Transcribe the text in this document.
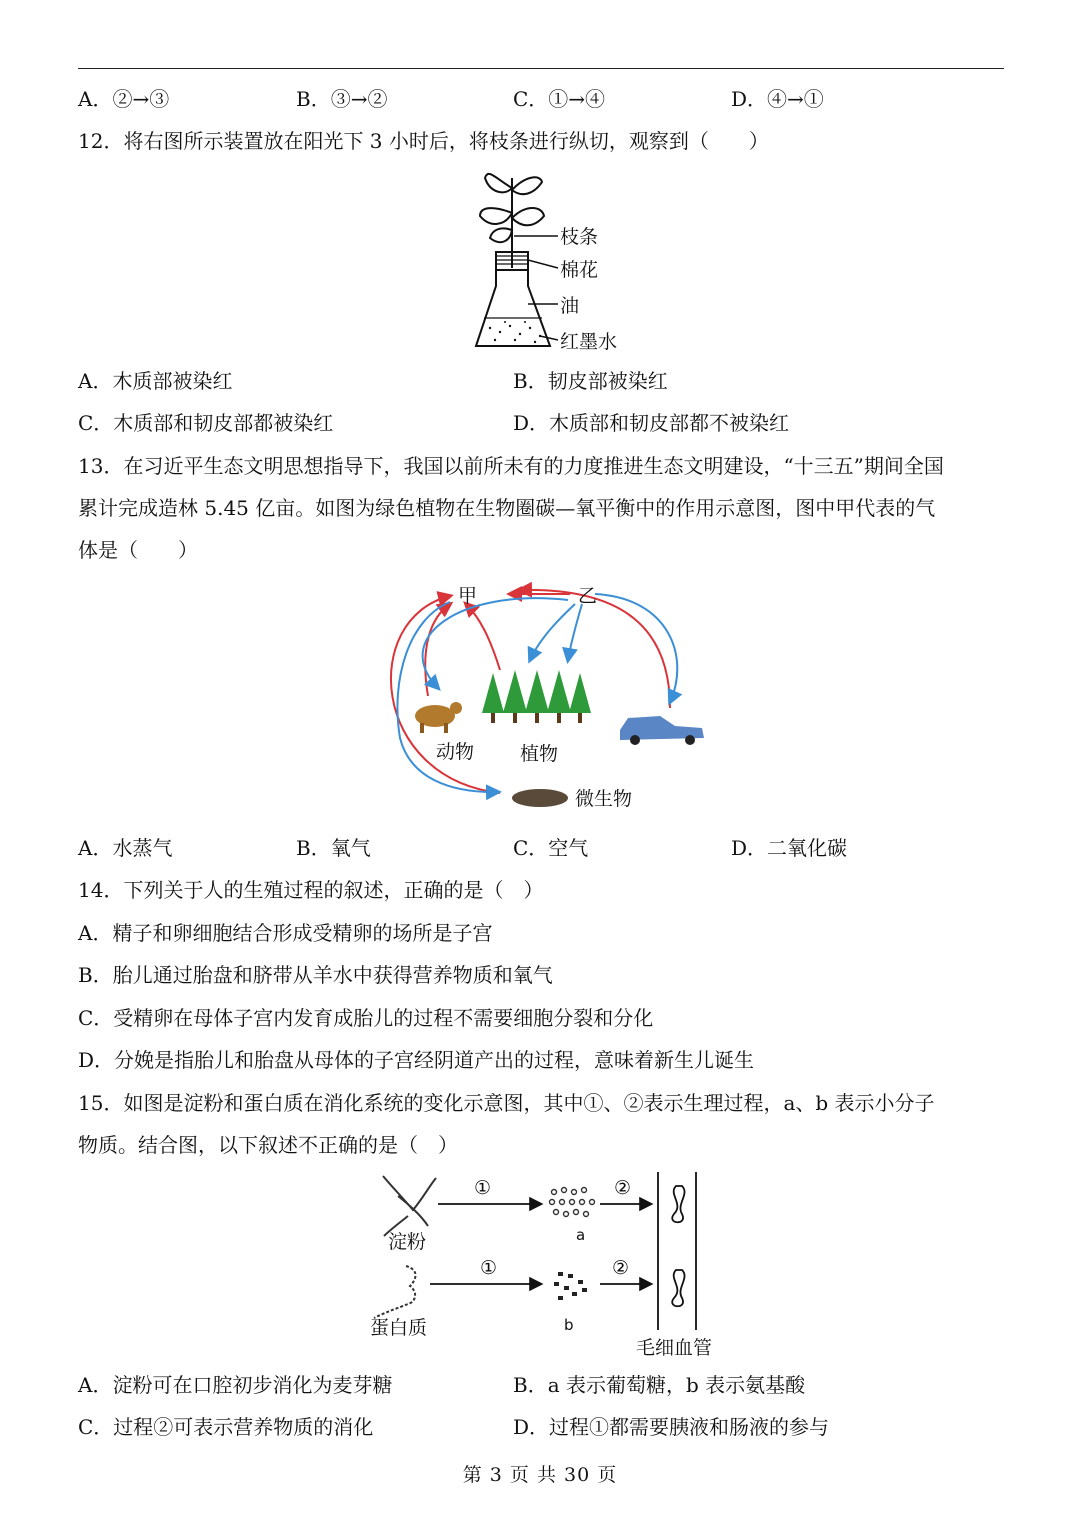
A．②→③	B．③→②	C．①→④	D．④→①
12．将右图所示装置放在阳光下 3 小时后，将枝条进行纵切，观察到（　　）
枝条
棉花
油
红墨水
A．木质部被染红	B．韧皮部被染红
C．木质部和韧皮部都被染红	D．木质部和韧皮部都不被染红
13．在习近平生态文明思想指导下，我国以前所未有的力度推进生态文明建设，“十三五”期间全国
累计完成造林 5.45 亿亩。如图为绿色植物在生物圈碳—氧平衡中的作用示意图，图中甲代表的气
体是（　　）
甲	乙
动物 植物
微生物
A．水蒸气	B．氧气	C．空气	D．二氧化碳
14．下列关于人的生殖过程的叙述，正确的是（　）
A．精子和卵细胞结合形成受精卵的场所是子宫
B．胎儿通过胎盘和脐带从羊水中获得营养物质和氧气
C．受精卵在母体子宫内发育成胎儿的过程不需要细胞分裂和分化
D．分娩是指胎儿和胎盘从母体的子宫经阴道产出的过程，意味着新生儿诞生
15．如图是淀粉和蛋白质在消化系统的变化示意图，其中①、②表示生理过程，a、b 表示小分子
物质。结合图，以下叙述不正确的是（　）
①	②
①	②
淀粉	a
蛋白质	b
毛细血管
A．淀粉可在口腔初步消化为麦芽糖	B．a 表示葡萄糖，b 表示氨基酸
C．过程②可表示营养物质的消化	D．过程①都需要胰液和肠液的参与
第 3 页 共 30 页
